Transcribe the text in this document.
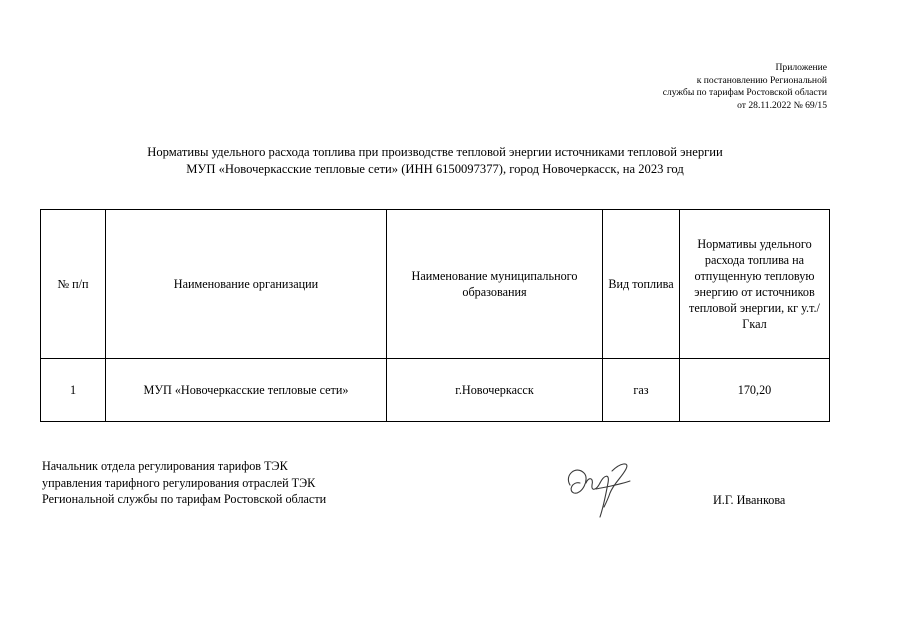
Приложение
к постановлению Региональной
службы по тарифам Ростовской области
от 28.11.2022 № 69/15
Нормативы удельного расхода топлива при производстве тепловой энергии источниками тепловой энергии
МУП «Новочеркасские тепловые сети» (ИНН 6150097377), город Новочеркасск, на 2023 год
№ п/п	Наименование организации	Наименование муниципального образования	Вид топлива	Нормативы удельного расхода топлива на отпущенную тепловую энергию от источников тепловой энергии, кг у.т./Гкал
1	МУП «Новочеркасские тепловые сети»	г.Новочеркасск	газ	170,20
Начальник отдела регулирования тарифов ТЭК
управления тарифного регулирования отраслей ТЭК
Региональной службы по тарифам Ростовской области	И.Г. Иванкова
